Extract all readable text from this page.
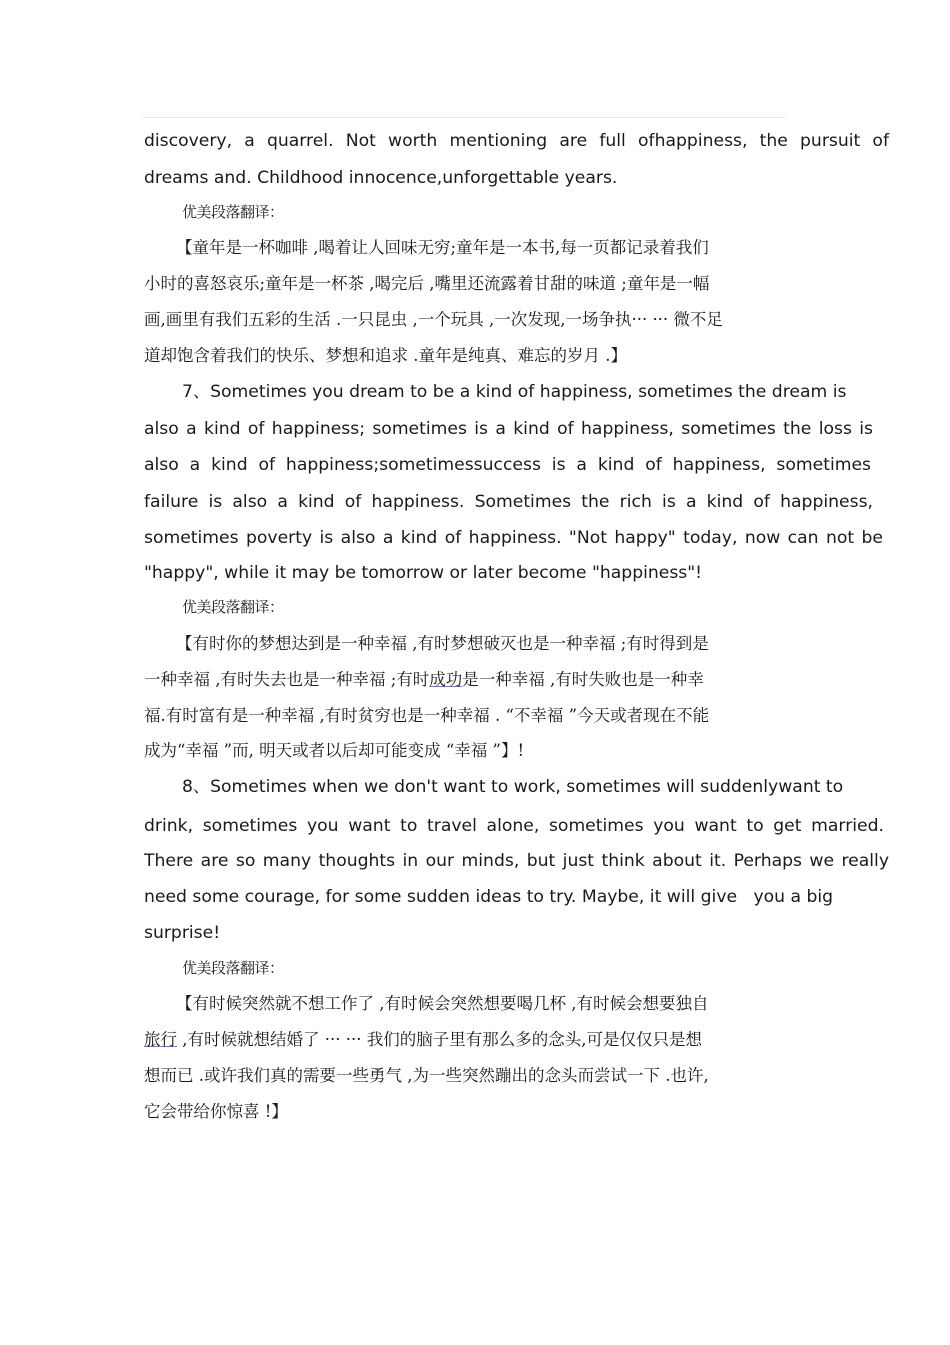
discovery, a quarrel. Not worth mentioning are full ofhappiness, the pursuit of
dreams and. Childhood innocence,unforgettable years.
优美段落翻译：
【童年是一杯咖啡 ,喝着让人回味无穷;童年是一本书,每一页都记录着我们
小时的喜怒哀乐;童年是一杯茶 ,喝完后 ,嘴里还流露着甘甜的味道 ;童年是一幅
画,画里有我们五彩的生活 .一只昆虫 ,一个玩具 ,一次发现,一场争执··· ··· 微不足
道却饱含着我们的快乐、梦想和追求 .童年是纯真、难忘的岁月 .】
7、Sometimes you dream to be a kind of happiness, sometimes the dream is
also a kind of happiness; sometimes is a kind of happiness, sometimes the loss is
also a kind of happiness;sometimessuccess is a kind of happiness, sometimes
failure is also a kind of happiness. Sometimes the rich is a kind of happiness,
sometimes poverty is also a kind of happiness. "Not happy" today, now can not be
"happy", while it may be tomorrow or later become "happiness"!
优美段落翻译：
【有时你的梦想达到是一种幸福 ,有时梦想破灭也是一种幸福 ;有时得到是
一种幸福 ,有时失去也是一种幸福 ;有时成功是一种幸福 ,有时失败也是一种幸
福.有时富有是一种幸福 ,有时贫穷也是一种幸福 . “不幸福 ”今天或者现在不能
成为“幸福 ”而, 明天或者以后却可能变成 “幸福 ”】!
8、Sometimes when we don't want to work, sometimes will suddenlywant to
drink, sometimes you want to travel alone, sometimes you want to get married.
There are so many thoughts in our minds, but just think about it. Perhaps we really
need some courage, for some sudden ideas to try. Maybe, it will give   you a big
surprise!
优美段落翻译：
【有时候突然就不想工作了 ,有时候会突然想要喝几杯 ,有时候会想要独自
旅行 ,有时候就想结婚了 ··· ··· 我们的脑子里有那么多的念头,可是仅仅只是想
想而已 .或许我们真的需要一些勇气 ,为一些突然蹦出的念头而尝试一下 .也许,
它会带给你惊喜 !】
